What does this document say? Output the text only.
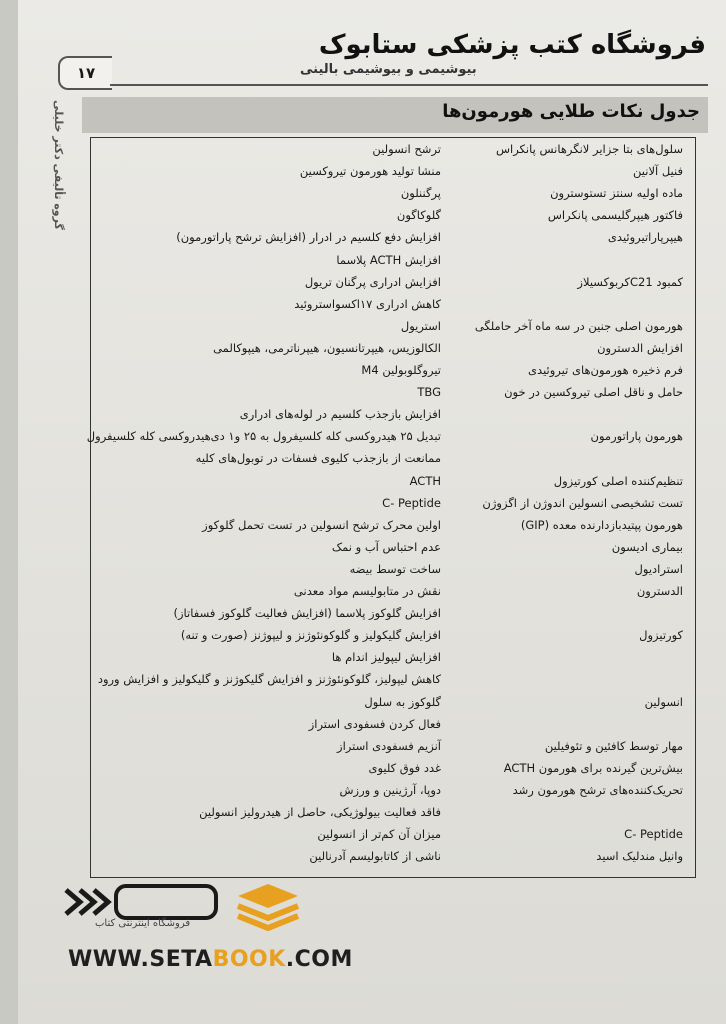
فروشگاه کتب پزشکی ستابوک
۱۷	بیوشیمی و بیوشیمی بالینی
گروه تألیفی دکتر خلیلی	جدول نکات طلایی هورمون‌ها
سلول‌های بتا جزایر لانگرهانس پانکراس
ترشح انسولین
فنیل آلانین
منشا تولید هورمون تیروکسین
ماده اولیه سنتز تستوسترون
پرگننلون
فاکتور هیپرگلیسمی پانکراس
گلوکاگون
هیپرپاراتیروئیدی
افزایش دفع کلسیم در ادرار (افزایش ترشح پاراتورمون)
افزایش ACTH پلاسما
کمبود C21کربوکسیلاز
افزایش ادراری پرگنان تریول
کاهش ادراری ۱۷اکسواستروئید
هورمون اصلی جنین در سه ماه آخر حاملگی
استریول
افزایش الدسترون
الکالوزیس، هیپرتانسیون، هیپرناترمی، هیپوکالمی
فرم ذخیره هورمون‌های تیروئیدی
تیروگلوبولین M4
حامل و ناقل اصلی تیروکسین در خون
TBG
افزایش بازجذب کلسیم در لوله‌های ادراری
هورمون پاراتورمون
تبدیل ۲۵ هیدروکسی کله کلسیفرول به ۲۵ و۱ دی‌هیدروکسی کله کلسیفرول
ممانعت از بازجذب کلیوی فسفات در توبول‌های کلیه
تنظیم‌کننده اصلی کورتیزول
ACTH
تست تشخیصی انسولین اندوژن از اگزوژن
C- Peptide
هورمون پپتیدبازدارنده معده (GIP)
اولین محرک ترشح انسولین در تست تحمل گلوکوز
بیماری ادیسون
عدم احتباس آب و نمک
استرادیول
ساخت توسط بیضه
الدسترون
نقش در متابولیسم مواد معدنی
افزایش گلوکوز پلاسما (افزایش فعالیت گلوکوز فسفاتاز)
کورتیزول
افزایش گلیکولیز و گلوکونئوژنز و لیپوژنز (صورت و تنه)
افزایش لیپولیز اندام ها
کاهش لیپولیز، گلوکونئوژنز و افزایش گلیکوژنز و گلیکولیز و افزایش ورود
انسولین
گلوکوز به سلول
فعال کردن فسفودی استراز
مهار توسط کافئین و تئوفیلین
آنزیم فسفودی استراز
بیش‌ترین گیرنده برای هورمون ACTH
غدد فوق کلیوی
تحریک‌کننده‌های ترشح هورمون رشد
دوپا، آرژینین و ورزش
فاقد فعالیت بیولوژیکی، حاصل از هیدرولیز انسولین
C- Peptide
میزان آن کم‌تر از انسولین
وانیل مندلیک اسید
ناشی از کاتابولیسم آدرنالین
فروشگاه اینترنتی کتاب
WWW.SETABOOK.COM
